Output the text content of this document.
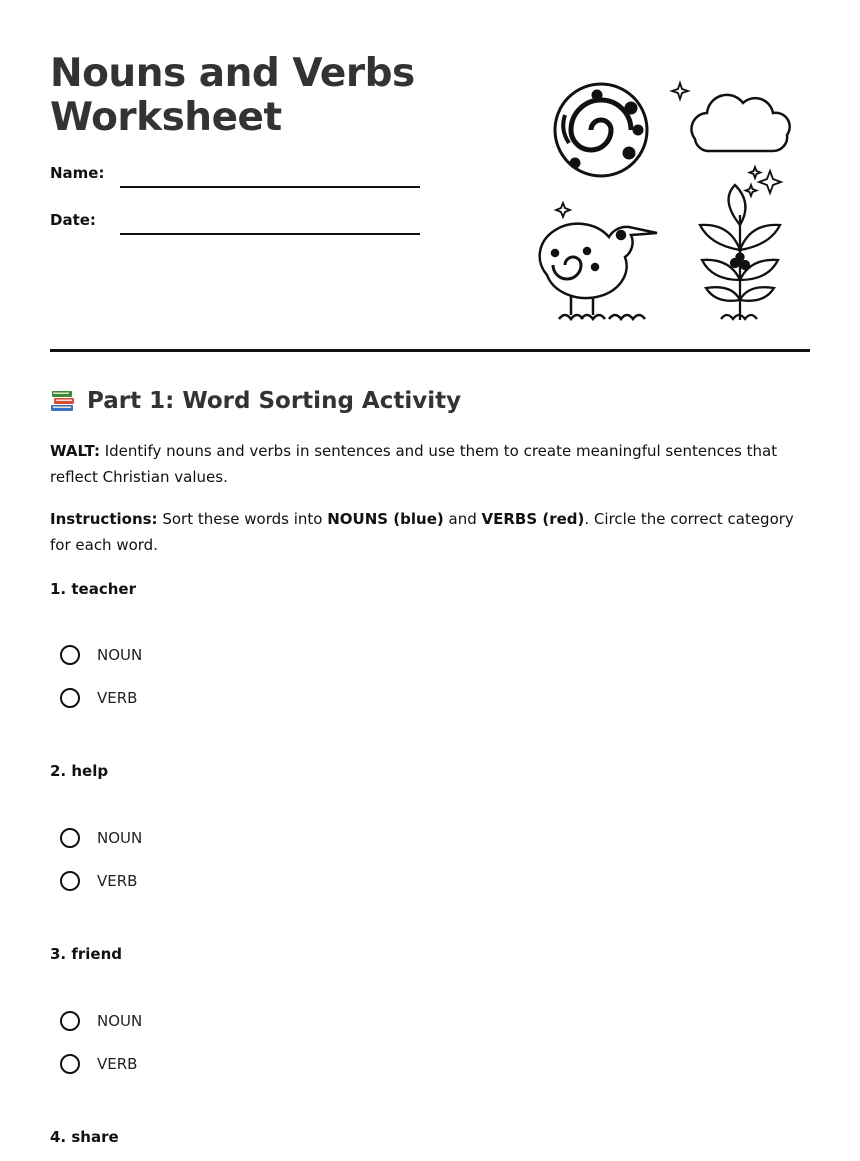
Nouns and Verbs Worksheet
Name:
Date:
Part 1: Word Sorting Activity

WALT: Identify nouns and verbs in sentences and use them to create meaningful sentences that reflect Christian values.

Instructions: Sort these words into NOUNS (blue) and VERBS (red). Circle the correct category for each word.

1. teacher

NOUN
VERB

2. help

NOUN
VERB

3. friend

NOUN
VERB

4. share
